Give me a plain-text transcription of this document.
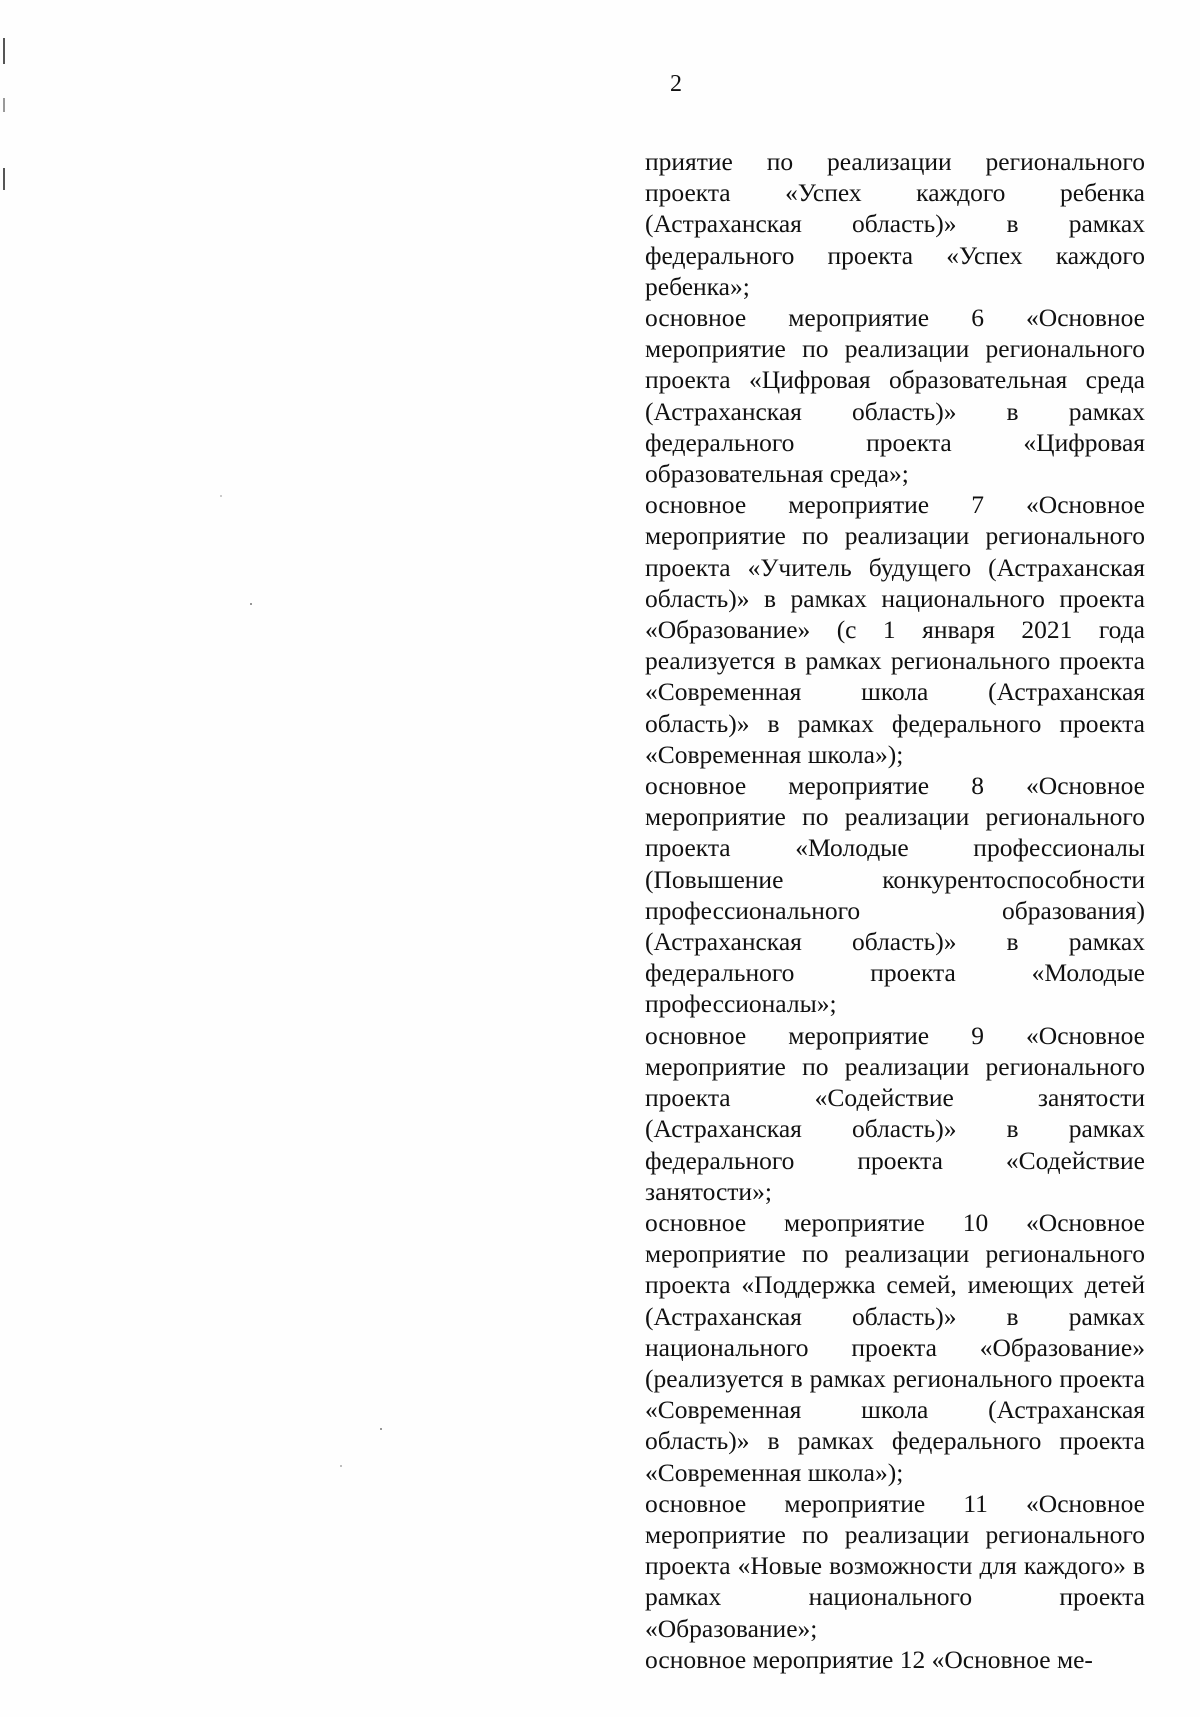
2

приятие по реализации регионального проекта «Успех каждого ребенка (Астраханская область)» в рамках федерального проекта «Успех каждого ребенка»;

основное мероприятие 6 «Основное мероприятие по реализации регионального проекта «Цифровая образовательная среда (Астраханская область)» в рамках федерального проекта «Цифровая образовательная среда»;

основное мероприятие 7 «Основное мероприятие по реализации регионального проекта «Учитель будущего (Астраханская область)» в рамках национального проекта «Образование» (с 1 января 2021 года реализуется в рамках регионального проекта «Современная школа (Астраханская область)» в рамках федерального проекта «Современная школа»);

основное мероприятие 8 «Основное мероприятие по реализации регионального проекта «Молодые профессионалы (Повышение конкурентоспособности профессионального образования) (Астраханская область)» в рамках федерального проекта «Молодые профессионалы»;

основное мероприятие 9 «Основное мероприятие по реализации регионального проекта «Содействие занятости (Астраханская область)» в рамках федерального проекта «Содействие занятости»;

основное мероприятие 10 «Основное мероприятие по реализации регионального проекта «Поддержка семей, имеющих детей (Астраханская область)» в рамках национального проекта «Образование» (реализуется в рамках регионального проекта «Современная школа (Астраханская область)» в рамках федерального проекта «Современная школа»);

основное мероприятие 11 «Основное мероприятие по реализации регионального проекта «Новые возможности для каждого» в рамках национального проекта «Образование»;

основное мероприятие 12 «Основное ме-
